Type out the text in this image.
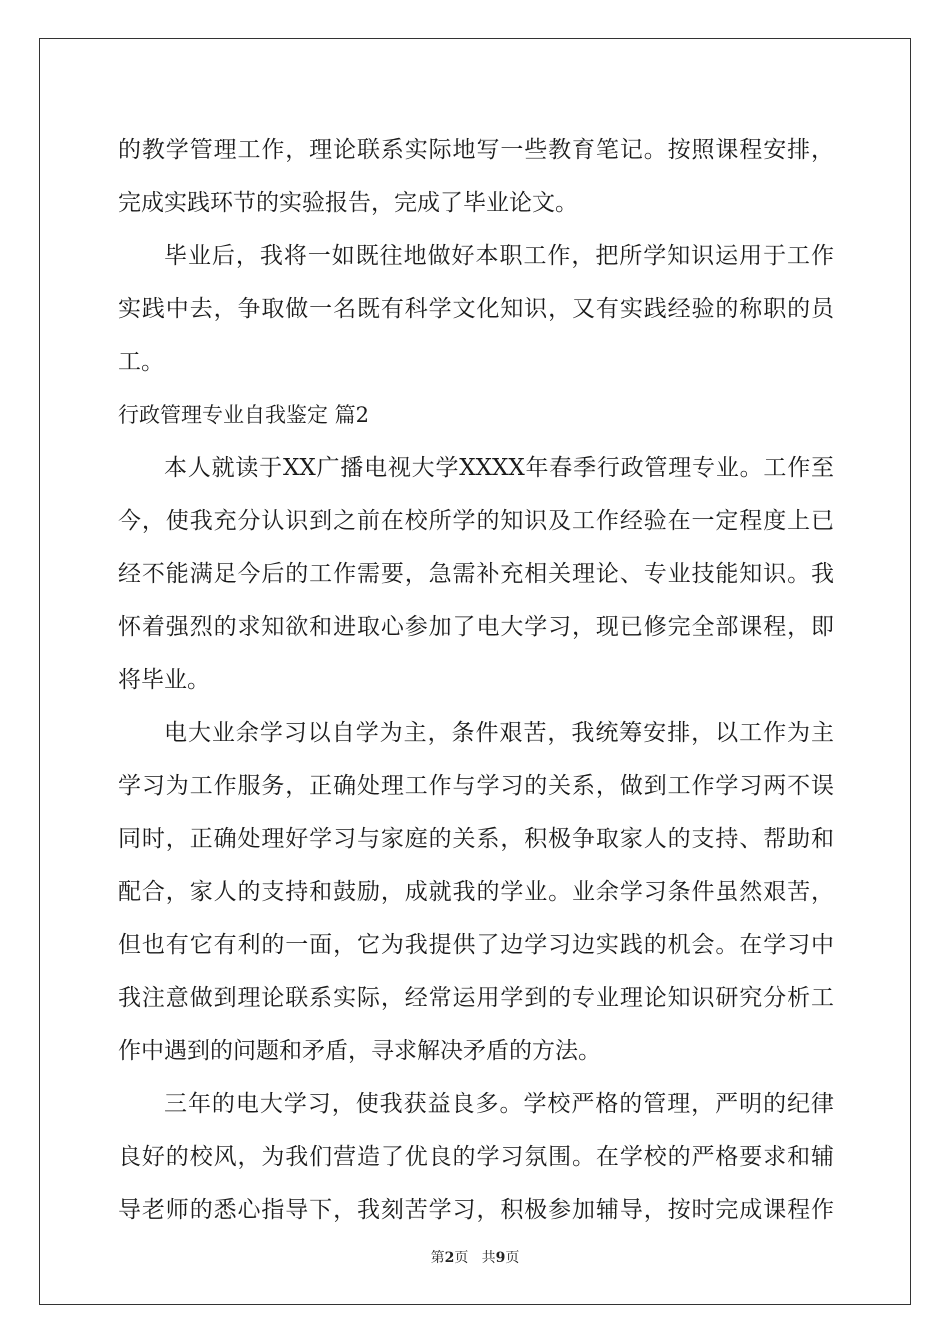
的教学管理工作，理论联系实际地写一些教育笔记。按照课程安排，
完成实践环节的实验报告，完成了毕业论文。
毕业后，我将一如既往地做好本职工作，把所学知识运用于工作
实践中去，争取做一名既有科学文化知识，又有实践经验的称职的员
工。
行政管理专业自我鉴定 篇2
本人就读于XX广播电视大学XXXX年春季行政管理专业。工作至
今，使我充分认识到之前在校所学的知识及工作经验在一定程度上已
经不能满足今后的工作需要，急需补充相关理论、专业技能知识。我
怀着强烈的求知欲和进取心参加了电大学习，现已修完全部课程，即
将毕业。
电大业余学习以自学为主，条件艰苦，我统筹安排，以工作为主
学习为工作服务，正确处理工作与学习的关系，做到工作学习两不误
同时，正确处理好学习与家庭的关系，积极争取家人的支持、帮助和
配合，家人的支持和鼓励，成就我的学业。业余学习条件虽然艰苦，
但也有它有利的一面，它为我提供了边学习边实践的机会。在学习中
我注意做到理论联系实际，经常运用学到的专业理论知识研究分析工
作中遇到的问题和矛盾，寻求解决矛盾的方法。
三年的电大学习，使我获益良多。学校严格的管理，严明的纪律
良好的校风，为我们营造了优良的学习氛围。在学校的严格要求和辅
导老师的悉心指导下，我刻苦学习，积极参加辅导，按时完成课程作
第2页 共9页
